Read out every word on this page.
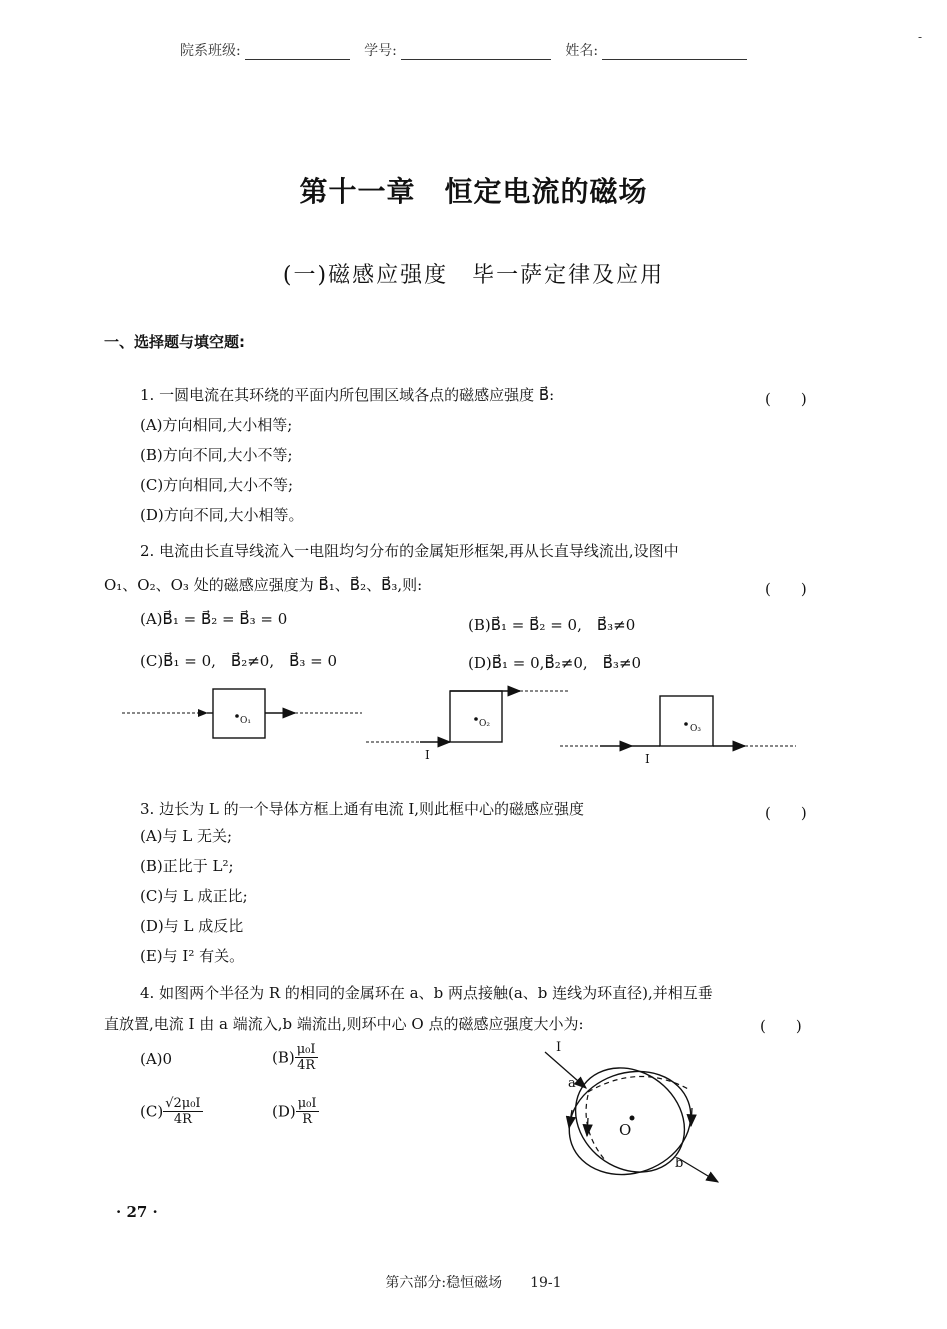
院系班级:	学号:	姓名:
-
第十一章　恒定电流的磁场
(一)磁感应强度　毕一萨定律及应用
一、选择题与填空题:
1. 一圆电流在其环绕的平面内所包围区域各点的磁感应强度 B⃗:	(　　)
(A)方向相同,大小相等;
(B)方向不同,大小不等;
(C)方向相同,大小不等;
(D)方向不同,大小相等。
2. 电流由长直导线流入一电阻均匀分布的金属矩形框架,再从长直导线流出,设图中
O₁、O₂、O₃ 处的磁感应强度为 B⃗₁、B⃗₂、B⃗₃,则:	(　　)
(A)B⃗₁ = B⃗₂ = B⃗₃ = 0	(B)B⃗₁ = B⃗₂ = 0,　B⃗₃≠0
(C)B⃗₁ = 0,　B⃗₂≠0,　B⃗₃ = 0	(D)B⃗₁ = 0,B⃗₂≠0,　B⃗₃≠0
O₁	O₂	O₃
I	I
3. 边长为 L 的一个导体方框上通有电流 I,则此框中心的磁感应强度	(　　)
(A)与 L 无关;
(B)正比于 L²;
(C)与 L 成正比;
(D)与 L 成反比
(E)与 I² 有关。
4. 如图两个半径为 R 的相同的金属环在 a、b 两点接触(a、b 连线为环直径),并相互垂
直放置,电流 I 由 a 端流入,b 端流出,则环中心 O 点的磁感应强度大小为:	(　　)
(A)0	$(B) \frac{\text{μ₀I}}{4R}$
$(C) \frac{\text{√2μ₀I}}{4R}$	$(D) \frac{\text{μ₀I}}{R}$
I
a
b
O
· 27 ·
第六部分:稳恒磁场　　19-1
